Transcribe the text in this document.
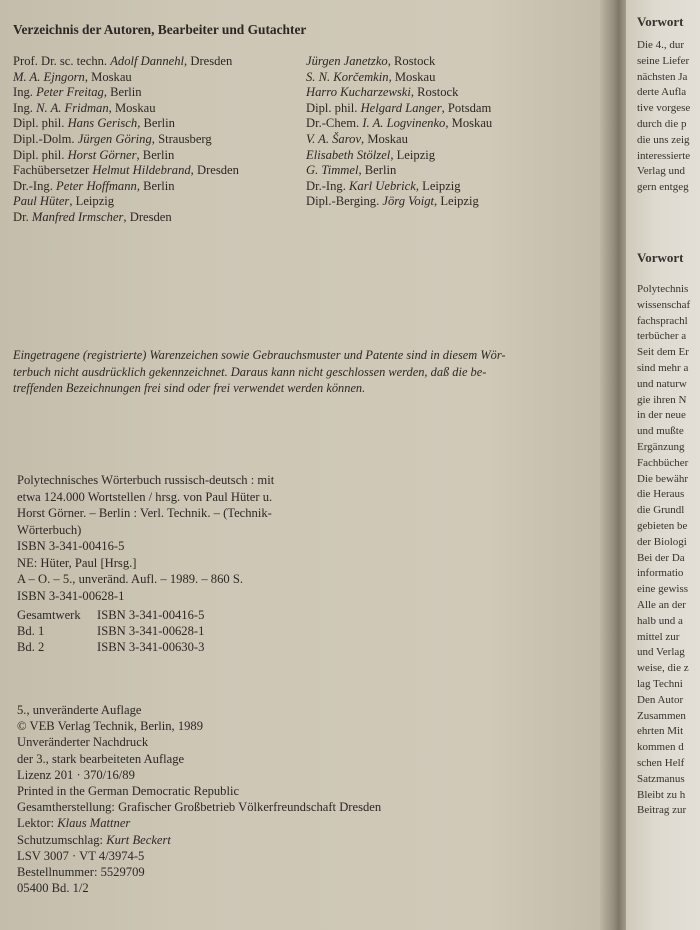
Verzeichnis der Autoren, Bearbeiter und Gutachter
Prof. Dr. sc. techn. Adolf Dannehl, Dresden
M. A. Ejngorn, Moskau
Ing. Peter Freitag, Berlin
Ing. N. A. Fridman, Moskau
Dipl. phil. Hans Gerisch, Berlin
Dipl.-Dolm. Jürgen Göring, Strausberg
Dipl. phil. Horst Görner, Berlin
Fachübersetzer Helmut Hildebrand, Dresden
Dr.-Ing. Peter Hoffmann, Berlin
Paul Hüter, Leipzig
Dr. Manfred Irmscher, Dresden
Jürgen Janetzko, Rostock
S. N. Korčemkin, Moskau
Harro Kucharzewski, Rostock
Dipl. phil. Helgard Langer, Potsdam
Dr.-Chem. I. A. Logvinenko, Moskau
V. A. Šarov, Moskau
Elisabeth Stölzel, Leipzig
G. Timmel, Berlin
Dr.-Ing. Karl Uebrick, Leipzig
Dipl.-Berging. Jörg Voigt, Leipzig
Eingetragene (registrierte) Warenzeichen sowie Gebrauchsmuster und Patente sind in diesem Wör-
terbuch nicht ausdrücklich gekennzeichnet. Daraus kann nicht geschlossen werden, daß die be-
treffenden Bezeichnungen frei sind oder frei verwendet werden können.
Polytechnisches Wörterbuch russisch-deutsch : mit
etwa 124.000 Wortstellen / hrsg. von Paul Hüter u.
Horst Görner. – Berlin : Verl. Technik. – (Technik-
Wörterbuch)
ISBN 3-341-00416-5
NE: Hüter, Paul [Hrsg.]
A – O. – 5., unveränd. Aufl. – 1989. – 860 S.
ISBN 3-341-00628-1
Gesamtwerk ISBN 3-341-00416-5
Bd. 1	ISBN 3-341-00628-1
Bd. 2	ISBN 3-341-00630-3
5., unveränderte Auflage
© VEB Verlag Technik, Berlin, 1989
Unveränderter Nachdruck
der 3., stark bearbeiteten Auflage
Lizenz 201 · 370/16/89
Printed in the German Democratic Republic
Gesamtherstellung: Grafischer Großbetrieb Völkerfreundschaft Dresden
Lektor: Klaus Mattner
Schutzumschlag: Kurt Beckert
LSV 3007 · VT 4/3974-5
Bestellnummer: 5529709
05400 Bd. 1/2
Vorwort
Die 4., dur
seine Liefer
nächsten Ja
derte Aufla
tive vorgese
durch die p
die uns zeig
interessierte
Verlag und
gern entgeg
Vorwort
Polytechnis
wissenschaf
fachsprachl
terbücher a
Seit dem Er
sind mehr a
und naturw
gie ihren N
in der neue
und mußte
Ergänzung
Fachbücher
Die bewähr
die Heraus
die Grundl
gebieten be
der Biologi
Bei der Da
informatio
eine gewiss
Alle an der
halb und a
mittel zur
und Verlag
weise, die z
lag Techni
Den Autor
Zusammen
ehrten Mit
kommen d
schen Helf
Satzmanus
Bleibt zu h
Beitrag zur
